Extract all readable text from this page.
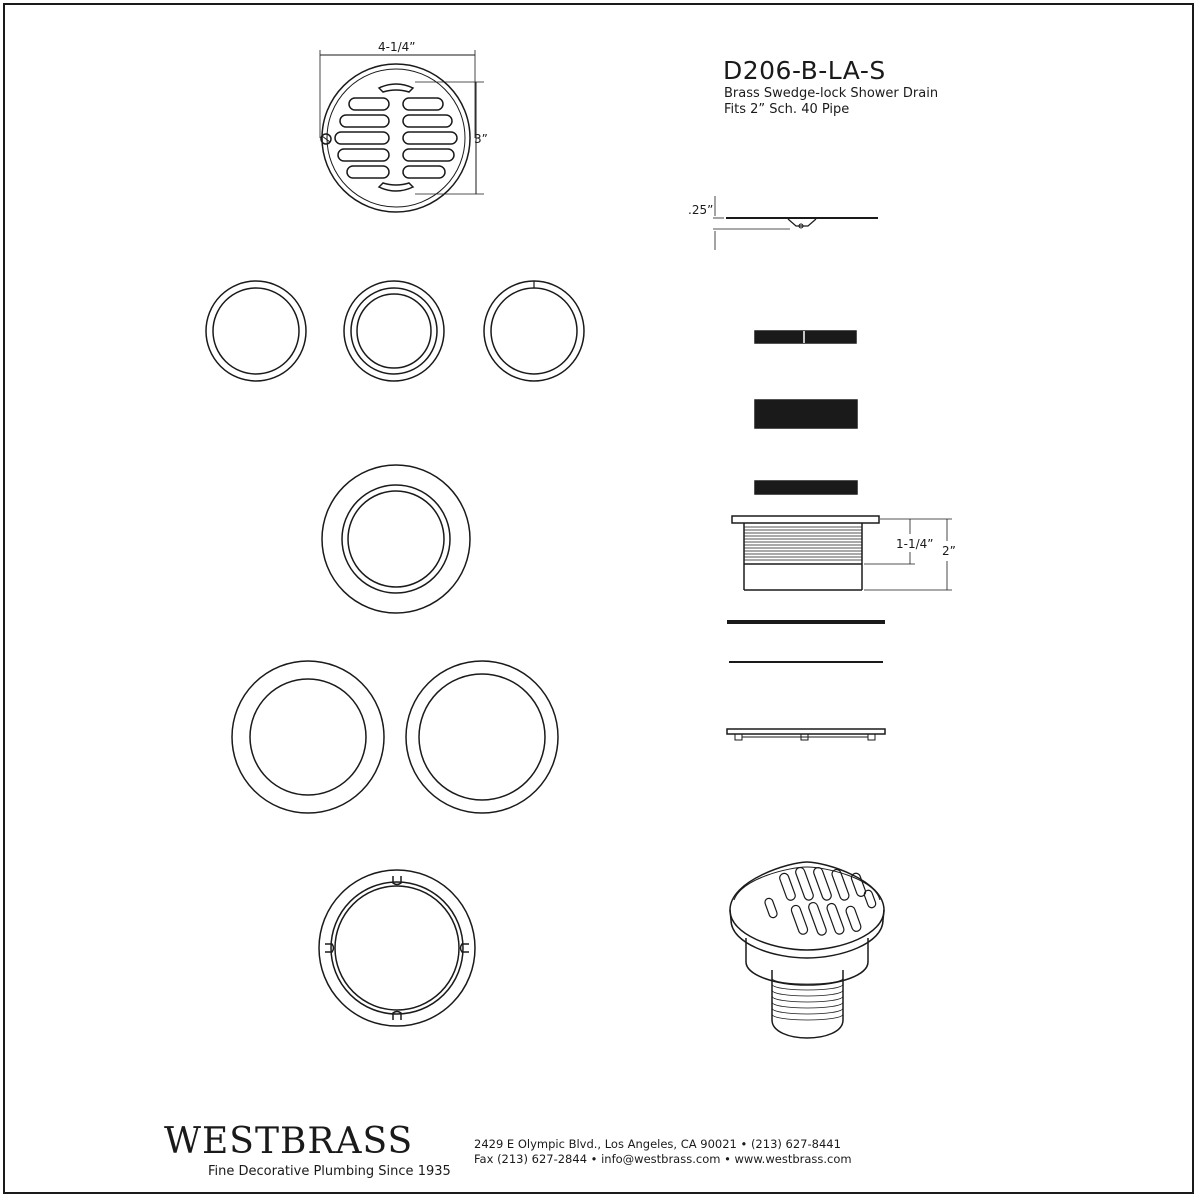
D206-B-LA-S
Brass Swedge-lock Shower Drain
Fits 2” Sch. 40 Pipe
4-1/4”
3”
.25”
1-1/4” 2”
WESTBRASS
Fine Decorative Plumbing Since 1935
2429 E Olympic Blvd., Los Angeles, CA 90021 • (213) 627-8441
Fax (213) 627-2844 • info@westbrass.com • www.westbrass.com
